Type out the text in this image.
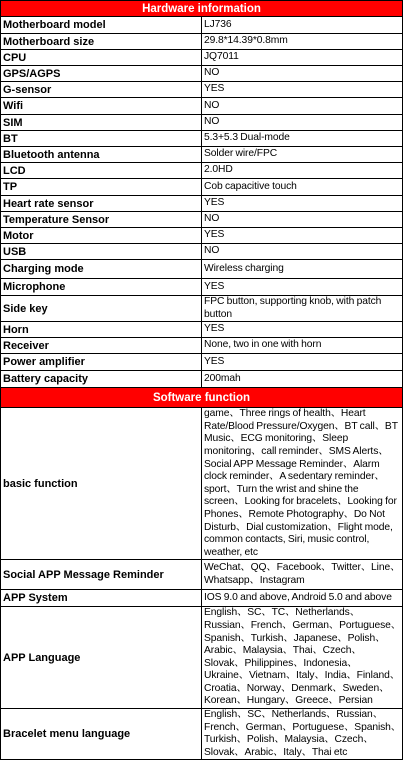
Hardware information	
Motherboard model	LJ736
Motherboard size	29.8*14.39*0.8mm
CPU	JQ7011
GPS/AGPS	NO
G-sensor	YES
Wifi	NO
SIM	NO
BT	5.3+5.3 Dual-mode
Bluetooth antenna	Solder wire/FPC
LCD	2.0HD
TP	Cob capacitive touch
Heart rate sensor	YES
Temperature Sensor	NO
Motor	YES
USB	NO
Charging mode	Wireless charging
Microphone	YES
Side key	FPC button, supporting knob, with patch button
Horn	YES
Receiver	None, two in one with horn
Power amplifier	YES
Battery capacity	200mah
Software function	
basic function	game、Three rings of health、Heart Rate/Blood Pressure/Oxygen、BT call、BT Music、ECG monitoring、Sleep monitoring、call reminder、SMS Alerts、Social APP Message Reminder、Alarm clock reminder、A sedentary reminder、sport、Turn the wrist and shine the screen、Looking for bracelets、Looking for Phones、Remote Photography、Do Not Disturb、Dial customization、Flight mode, common contacts, Siri, music control, weather, etc
Social APP Message Reminder	WeChat、QQ、Facebook、Twitter、Line、Whatsapp、Instagram
APP System	IOS 9.0 and above, Android 5.0 and above
APP Language	English、SC、TC、Netherlands、Russian、French、German、Portuguese、Spanish、Turkish、Japanese、Polish、Arabic、Malaysia、Thai、Czech、Slovak、Philippines、Indonesia、Ukraine、Vietnam、Italy、India、Finland、Croatia、Norway、Denmark、Sweden、Korean、Hungary、Greece、Persian
Bracelet menu language	English、SC、Netherlands、Russian、French、German、Portuguese、Spanish、Turkish、Polish、Malaysia、Czech、Slovak、Arabic、Italy、Thai etc
